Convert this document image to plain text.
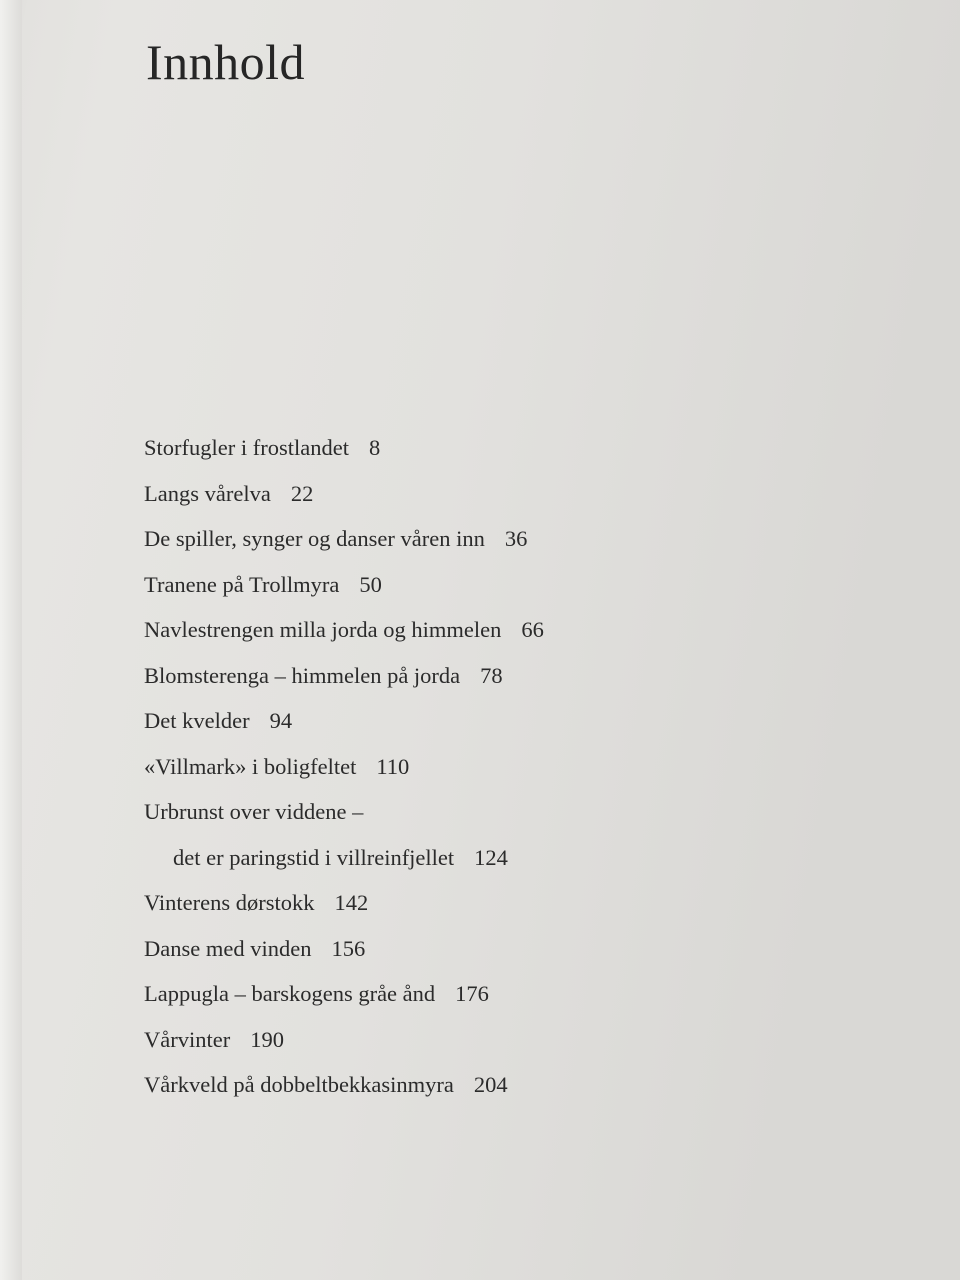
Innhold
Storfugler i frostlandet 8
Langs vårelva 22
De spiller, synger og danser våren inn 36
Tranene på Trollmyra 50
Navlestrengen milla jorda og himmelen 66
Blomsterenga – himmelen på jorda 78
Det kvelder 94
«Villmark» i boligfeltet 110
Urbrunst over viddene –
det er paringstid i villreinfjellet 124
Vinterens dørstokk 142
Danse med vinden 156
Lappugla – barskogens gråe ånd 176
Vårvinter 190
Vårkveld på dobbeltbekkasinmyra 204
